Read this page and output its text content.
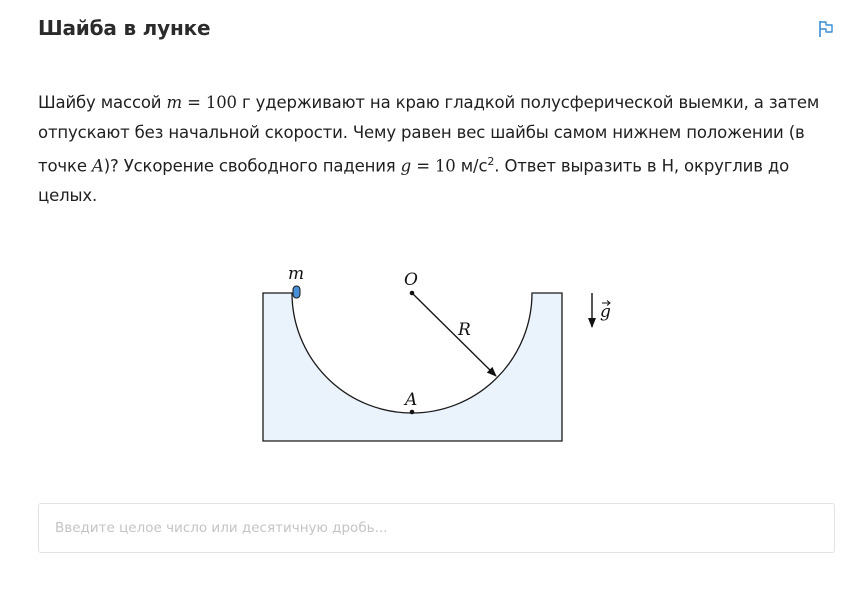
Шайба в лунке
Шайбу массой m = 100 г удерживают на краю гладкой полусферической выемки, а затем отпускают без начальной скорости. Чему равен вес шайбы самом нижнем положении (в точке A)? Ускорение свободного падения g = 10 $м/с^2$. Ответ выразить в Н, округлив до целых.
m	O
R
A
g
Введите целое число или десятичную дробь...
